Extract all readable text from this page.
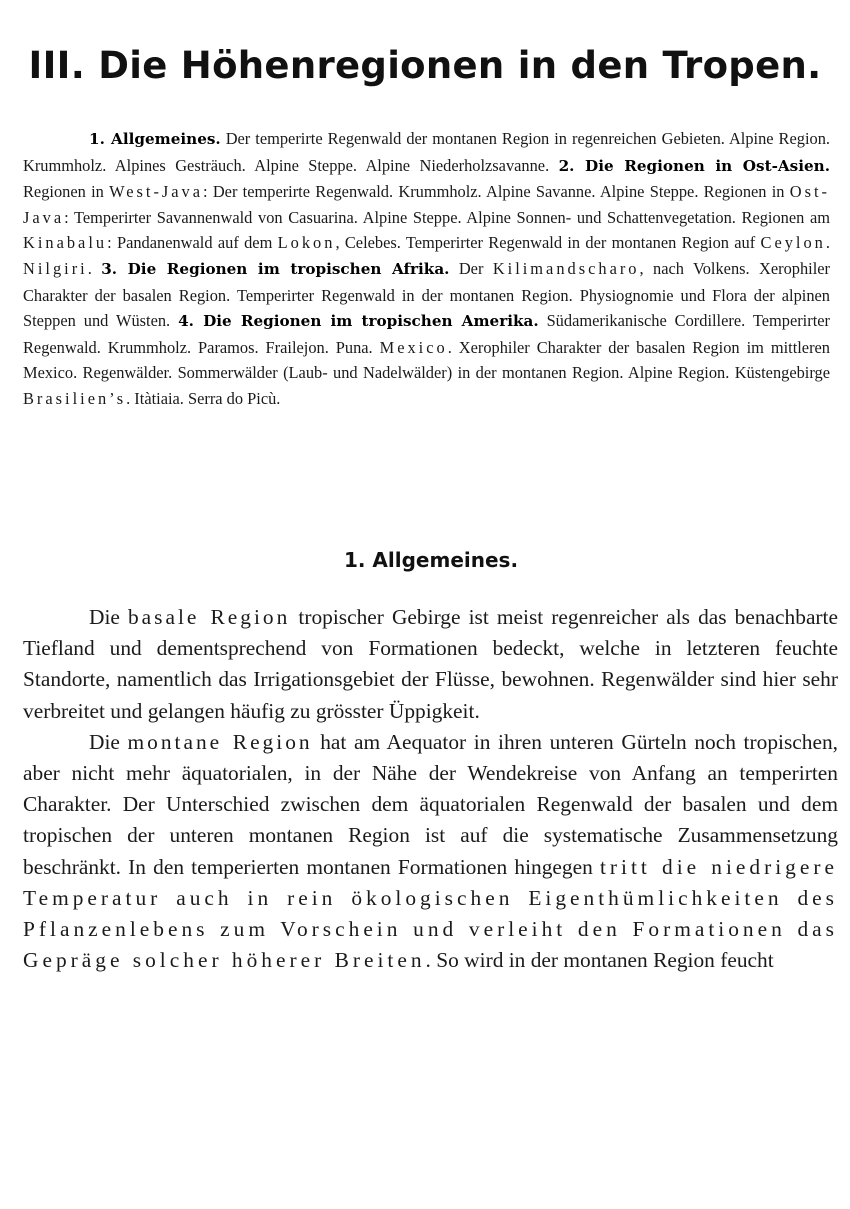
III. Die Höhenregionen in den Tropen.

1. Allgemeines. Der temperirte Regenwald der montanen Region in regenreichen Gebieten. Alpine Region. Krummholz. Alpines Gesträuch. Alpine Steppe. Alpine Niederholzsavanne. 2. Die Regionen in Ost-Asien. Regionen in West-Java: Der temperirte Regenwald. Krummholz. Alpine Savanne. Alpine Steppe. Regionen in Ost-Java: Temperirter Savannenwald von Casuarina. Alpine Steppe. Alpine Sonnen- und Schattenvegetation. Regionen am Kinabalu: Pandanenwald auf dem Lokon, Celebes. Temperirter Regenwald in der montanen Region auf Ceylon. Nilgiri. 3. Die Regionen im tropischen Afrika. Der Kilimandscharo, nach Volkens. Xerophiler Charakter der basalen Region. Temperirter Regenwald in der montanen Region. Physiognomie und Flora der alpinen Steppen und Wüsten. 4. Die Regionen im tropischen Amerika. Südamerikanische Cordillere. Temperirter Regenwald. Krummholz. Paramos. Frailejon. Puna. Mexico. Xerophiler Charakter der basalen Region im mittleren Mexico. Regenwälder. Sommerwälder (Laub- und Nadelwälder) in der montanen Region. Alpine Region. Küstengebirge Brasilien’s. Itàtiaia. Serra do Picù.

1. Allgemeines.

Die basale Region tropischer Gebirge ist meist regenreicher als das benachbarte Tiefland und dementsprechend von Formationen bedeckt, welche in letzteren feuchte Standorte, namentlich das Irrigationsgebiet der Flüsse, bewohnen. Regenwälder sind hier sehr verbreitet und gelangen häufig zu grösster Üppigkeit.

Die montane Region hat am Aequator in ihren unteren Gürteln noch tropischen, aber nicht mehr äquatorialen, in der Nähe der Wendekreise von Anfang an temperirten Charakter. Der Unterschied zwischen dem äquatorialen Regenwald der basalen und dem tropischen der unteren montanen Region ist auf die systematische Zusammensetzung beschränkt. In den temperierten montanen Formationen hingegen tritt die niedrigere Temperatur auch in rein ökologischen Eigenthümlichkeiten des Pflanzenlebens zum Vorschein und verleiht den Formationen das Gepräge solcher höherer Breiten. So wird in der montanen Region feucht
